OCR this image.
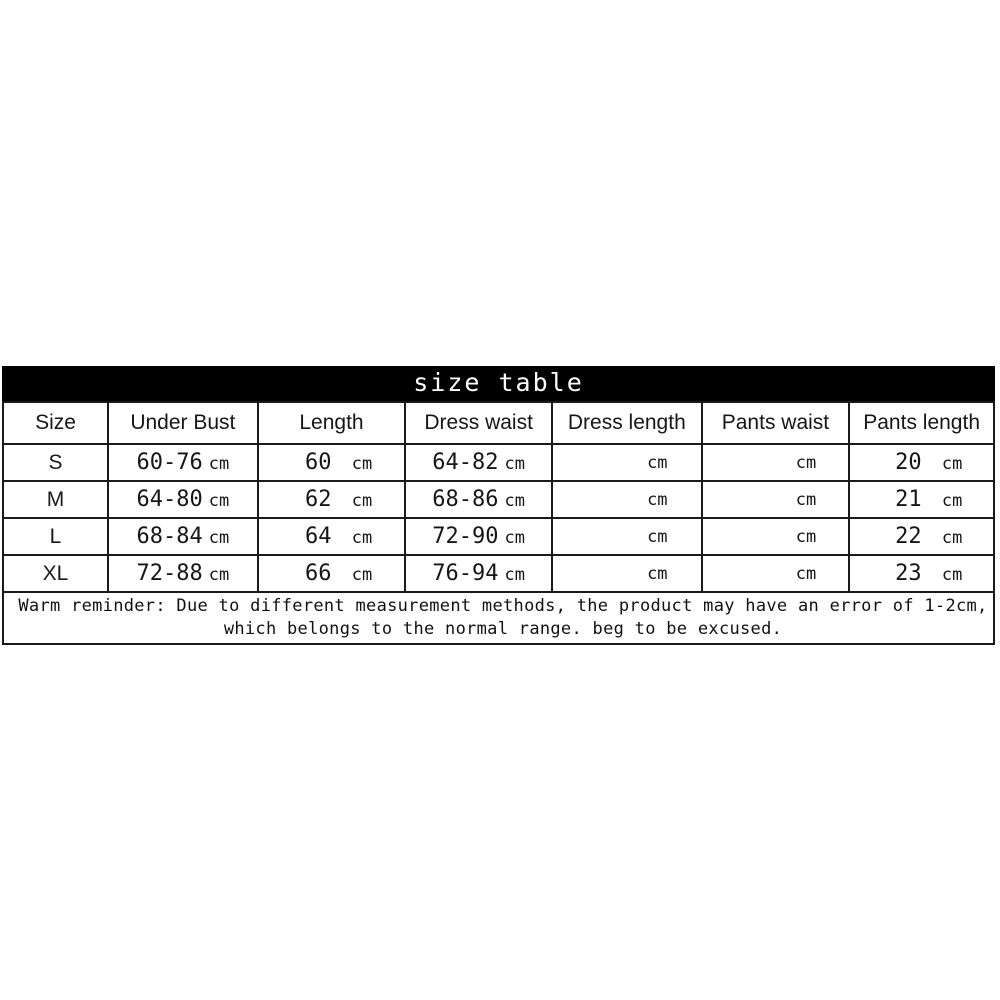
size table
Size	Under Bust	Length	Dress waist	Dress length	Pants waist	Pants length
S	60-76 cm	60 cm	64-82 cm	cm	cm	20 cm

M	64-80 cm	62 cm	68-86 cm	cm	cm	21 cm

L	68-84 cm	64 cm	72-90 cm	cm	cm	22 cm

XL	72-88 cm	66 cm	76-94 cm	cm	cm	23 cm

Warm reminder: Due to different measurement methods, the product may have an error of 1-2cm,
which belongs to the normal range. beg to be excused.						
